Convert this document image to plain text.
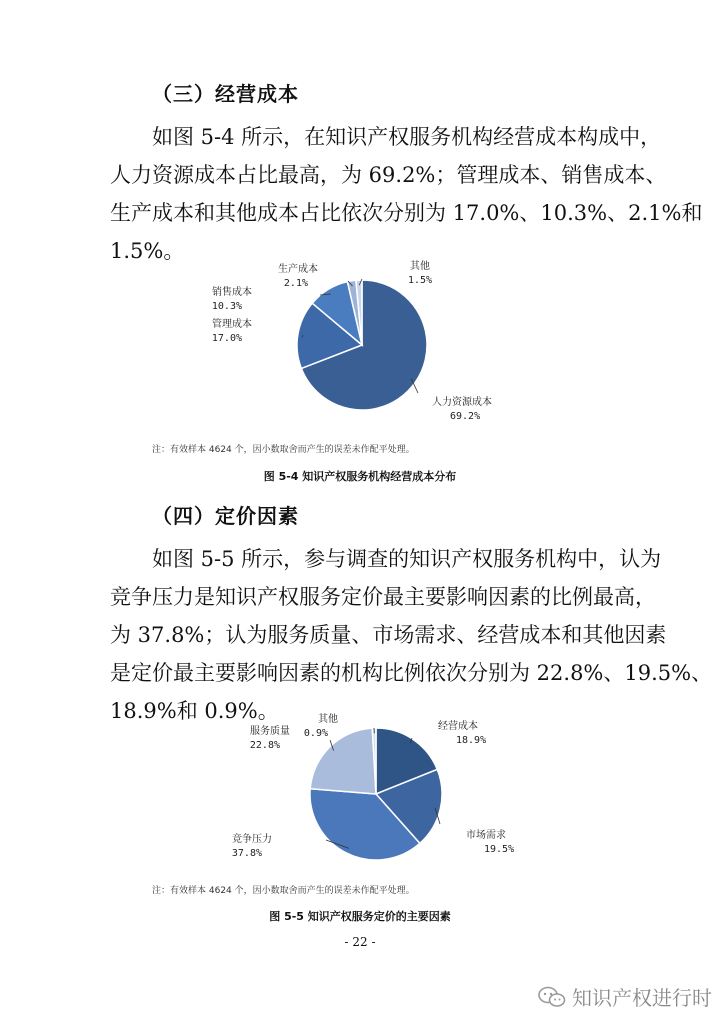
（三）经营成本
如图 5-4 所示，在知识产权服务机构经营成本构成中，
人力资源成本占比最高，为 69.2%；管理成本、销售成本、
生产成本和其他成本占比依次分别为 17.0%、10.3%、2.1%和
1.5%。
人力资源成本
69.2%
管理成本
17.0%
销售成本
10.3%
生产成本
2.1%
其他
1.5%
注：有效样本 4624 个，因小数取舍而产生的误差未作配平处理。
图 5-4 知识产权服务机构经营成本分布
（四）定价因素
如图 5-5 所示，参与调查的知识产权服务机构中，认为
竞争压力是知识产权服务定价最主要影响因素的比例最高，
为 37.8%；认为服务质量、市场需求、经营成本和其他因素
是定价最主要影响因素的机构比例依次分别为 22.8%、19.5%、
18.9%和 0.9%。
经营成本
18.9%
市场需求
19.5%
竞争压力
37.8%
服务质量
22.8%
其他
0.9%
注：有效样本 4624 个，因小数取舍而产生的误差未作配平处理。
图 5-5 知识产权服务定价的主要因素
- 22 -
知识产权进行时
